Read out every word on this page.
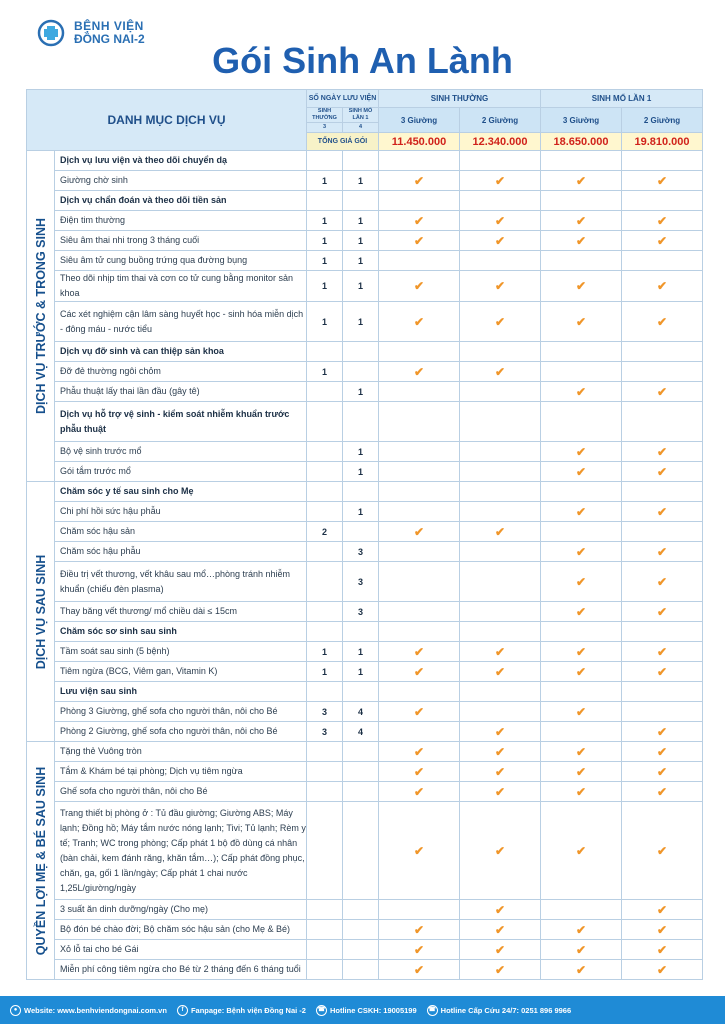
BỆNH VIỆN
ĐỒNG NAI-2
Gói Sinh An Lành
DANH MỤC DỊCH VỤ		SỐ NGÀY LƯU VIỆN		SINH THƯỜNG		SINH MỔ LẦN 1	
		SINH THƯỜNG	SINH MỔ LẦN 1	3 Giường	2 Giường	3 Giường	2 Giường
		3	4				
		TỔNG GIÁ GÓI		11.450.000	12.340.000	18.650.000	19.810.000

DỊCH VỤ TRƯỚC & TRONG SINH	Dịch vụ lưu viện và theo dõi chuyển dạ						
	Giường chờ sinh	1	1	✔	✔	✔	✔
	Dịch vụ chẩn đoán và theo dõi tiền sản						
	Điện tim thường	1	1	✔	✔	✔	✔
	Siêu âm thai nhi trong 3 tháng cuối	1	1	✔	✔	✔	✔
	Siêu âm tử cung buồng trứng qua đường bụng	1	1				
	Theo dõi nhịp tim thai và cơn co tử cung bằng monitor sản khoa	1	1	✔	✔	✔	✔
	Các xét nghiệm cận lâm sàng huyết học - sinh hóa miễn dịch - đông máu - nước tiểu	1	1	✔	✔	✔	✔
	Dịch vụ đỡ sinh và can thiệp sản khoa						
	Đỡ đẻ thường ngôi chỏm	1		✔	✔		
	Phẫu thuật lấy thai lần đầu (gây tê)		1			✔	✔
	Dịch vụ hỗ trợ vệ sinh - kiểm soát nhiễm khuẩn trước phẫu thuật						
	Bộ vệ sinh trước mổ		1			✔	✔
	Gói tắm trước mổ		1			✔	✔

DỊCH VỤ SAU SINH	Chăm sóc y tế sau sinh cho Mẹ						
	Chi phí hồi sức hậu phẫu		1			✔	✔
	Chăm sóc hậu sản	2		✔	✔		
	Chăm sóc hậu phẫu		3			✔	✔
	Điều trị vết thương, vết khâu sau mổ…phòng tránh nhiễm khuẩn (chiếu đèn plasma)		3			✔	✔
	Thay băng vết thương/ mổ chiều dài ≤ 15cm		3			✔	✔
	Chăm sóc sơ sinh sau sinh						
	Tầm soát sau sinh (5 bệnh)	1	1	✔	✔	✔	✔
	Tiêm ngừa (BCG, Viêm gan, Vitamin K)	1	1	✔	✔	✔	✔
	Lưu viện sau sinh						
	Phòng 3 Giường, ghế sofa cho người thân, nôi cho Bé	3	4	✔		✔	
	Phòng 2 Giường, ghế sofa cho người thân, nôi cho Bé	3	4		✔		✔

QUYỀN LỢI MẸ & BÉ SAU SINH	Tặng thẻ Vuông tròn			✔	✔	✔	✔
	Tắm & Khám bé tại phòng; Dịch vụ tiêm ngừa			✔	✔	✔	✔
	Ghế sofa cho người thân, nôi cho Bé			✔	✔	✔	✔
	Trang thiết bị phòng ở : Tủ đầu giường; Giường ABS; Máy lạnh; Đồng hồ; Máy tắm nước nóng lạnh; Tivi; Tủ lạnh; Rèm y tế; Tranh; WC trong phòng; Cấp phát 1 bộ đồ dùng cá nhân (bàn chải, kem đánh răng, khăn tắm…); Cấp phát đồng phục, chăn, ga, gối 1 lần/ngày; Cấp phát 1 chai nước 1,25L/giường/ngày			✔	✔	✔	✔
	3 suất ăn dinh dưỡng/ngày (Cho mẹ)				✔		✔
	Bộ đón bé chào đời; Bộ chăm sóc hậu sản (cho Mẹ & Bé)			✔	✔	✔	✔
	Xỏ lỗ tai cho bé Gái			✔	✔	✔	✔
	Miễn phí công tiêm ngừa cho Bé từ 2 tháng đến 6 tháng tuổi			✔	✔	✔	✔
● Website: www.benhviendongnai.com.vn	f	Fanpage: Bệnh viện Đồng Nai -2 ☎ Hotline CSKH: 19005199 ☎ Hotline Cấp Cứu 24/7: 0251 896 9966
